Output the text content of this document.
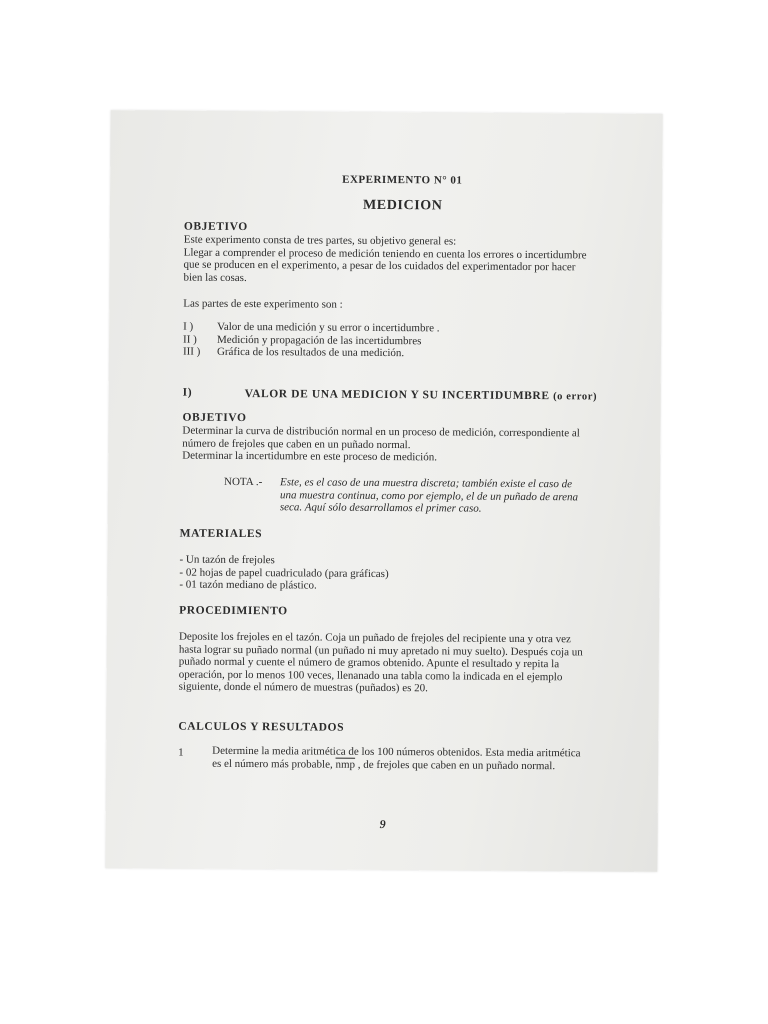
EXPERIMENTO N° 01
MEDICION
OBJETIVO
Este experimento consta de tres partes, su objetivo general es:
Llegar a comprender el proceso de medición teniendo en cuenta los errores o incertidumbre
que se producen en el experimento, a pesar de los cuidados del experimentador por hacer
bien las cosas.
Las partes de este experimento son :
I ) Valor de una medición y su error o incertidumbre .
II ) Medición y propagación de las incertidumbres
III ) Gráfica de los resultados de una medición.
I)	VALOR DE UNA MEDICION Y SU INCERTIDUMBRE (o error)
OBJETIVO
Determinar la curva de distribución normal en un proceso de medición, correspondiente al
número de frejoles que caben en un puñado normal.
Determinar la incertidumbre en este proceso de medición.
NOTA .- Este, es el caso de una muestra discreta; también existe el caso de
una muestra continua, como por ejemplo, el de un puñado de arena
seca. Aquí sólo desarrollamos el primer caso.
MATERIALES
- Un tazón de frejoles
- 02 hojas de papel cuadriculado (para gráficas)
- 01 tazón mediano de plástico.
PROCEDIMIENTO
Deposite los frejoles en el tazón. Coja un puñado de frejoles del recipiente una y otra vez
hasta lograr su puñado normal (un puñado ni muy apretado ni muy suelto). Después coja un
puñado normal y cuente el número de gramos obtenido. Apunte el resultado y repita la
operación, por lo menos 100 veces, llenanado una tabla como la indicada en el ejemplo
siguiente, donde el número de muestras (puñados) es 20.
CALCULOS Y RESULTADOS
1	Determine la media aritmética de los 100 números obtenidos. Esta media aritmética
es el número más probable, $\overline{nmp}$ , de frejoles que caben en un puñado normal.
9
